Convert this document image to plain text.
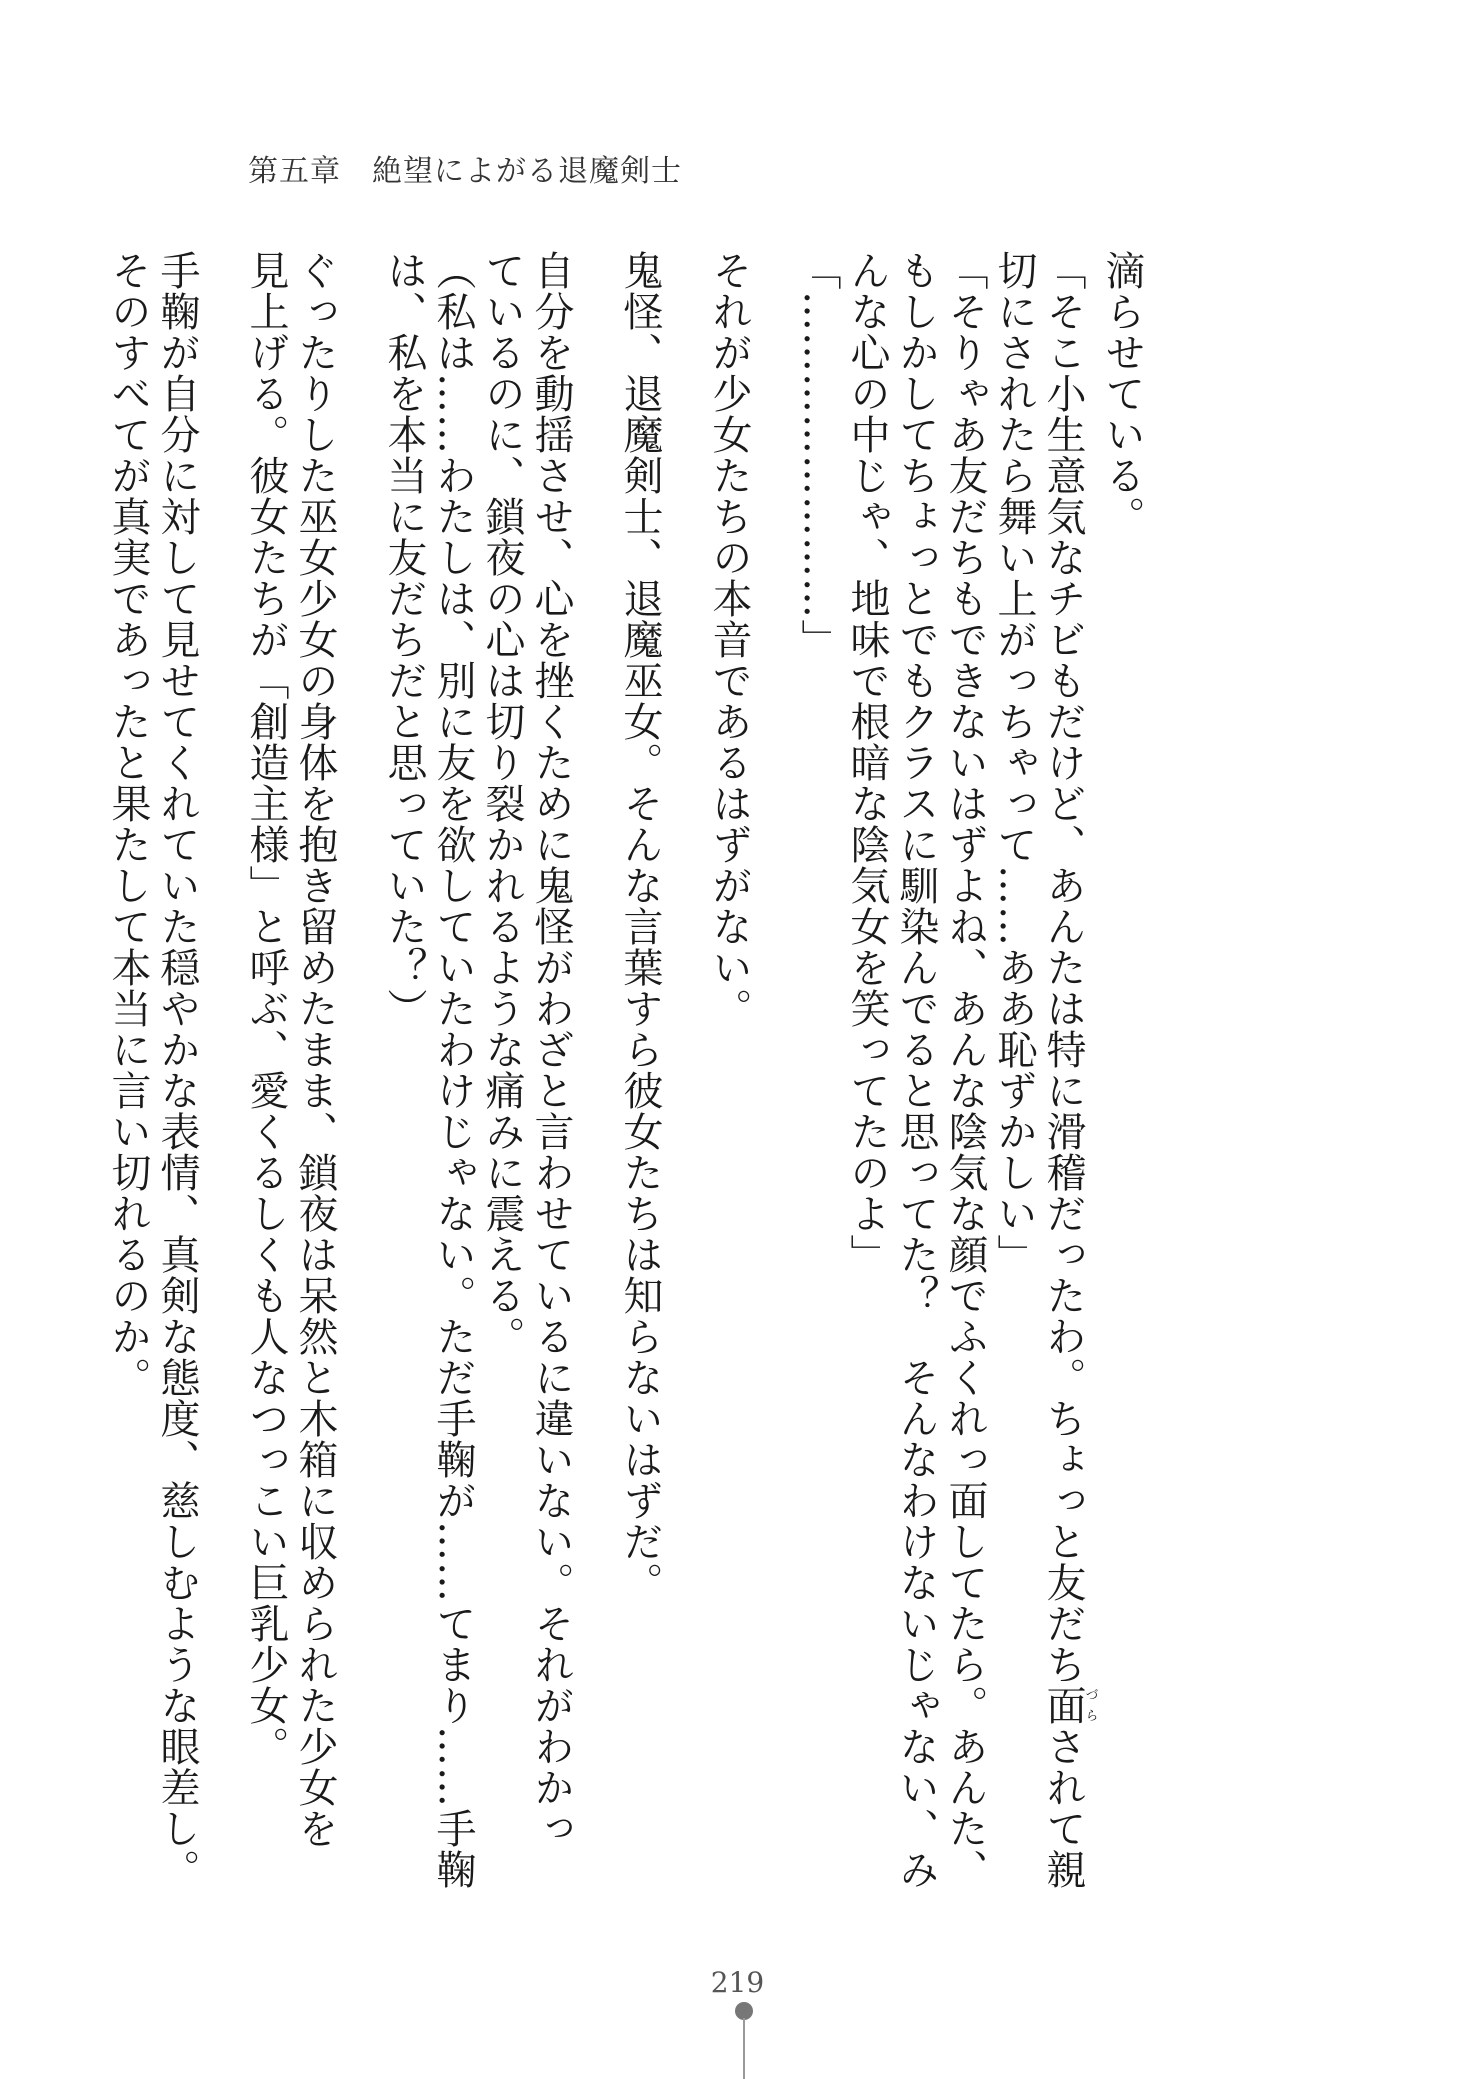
第五章　絶望によがる退魔剣士
滴らせている。
「そこ小生意気なチビもだけど、あんたは特に滑稽だったわ。ちょっと友だち面づらされて親
切にされたら舞い上がっちゃって……ああ恥ずかしい」
「そりゃあ友だちもできないはずよね、あんな陰気な顔でふくれっ面してたら。あんた、
もしかしてちょっとでもクラスに馴染んでると思ってた？　そんなわけないじゃない、み
んな心の中じゃ、地味で根暗な陰気女を笑ってたのよ」
「……………………」
それが少女たちの本音であるはずがない。
鬼怪、退魔剣士、退魔巫女。そんな言葉すら彼女たちは知らないはずだ。
自分を動揺させ、心を挫くために鬼怪がわざと言わせているに違いない。それがわかっ
ているのに、鎖夜の心は切り裂かれるような痛みに震える。
（私は……わたしは、別に友を欲していたわけじゃない。ただ手鞠が……てまり……手鞠
は、私を本当に友だちだと思っていた？）
ぐったりした巫女少女の身体を抱き留めたまま、鎖夜は呆然と木箱に収められた少女を
見上げる。彼女たちが「創造主様」と呼ぶ、愛くるしくも人なつっこい巨乳少女。
手鞠が自分に対して見せてくれていた穏やかな表情、真剣な態度、慈しむような眼差し。
そのすべてが真実であったと果たして本当に言い切れるのか。
219
